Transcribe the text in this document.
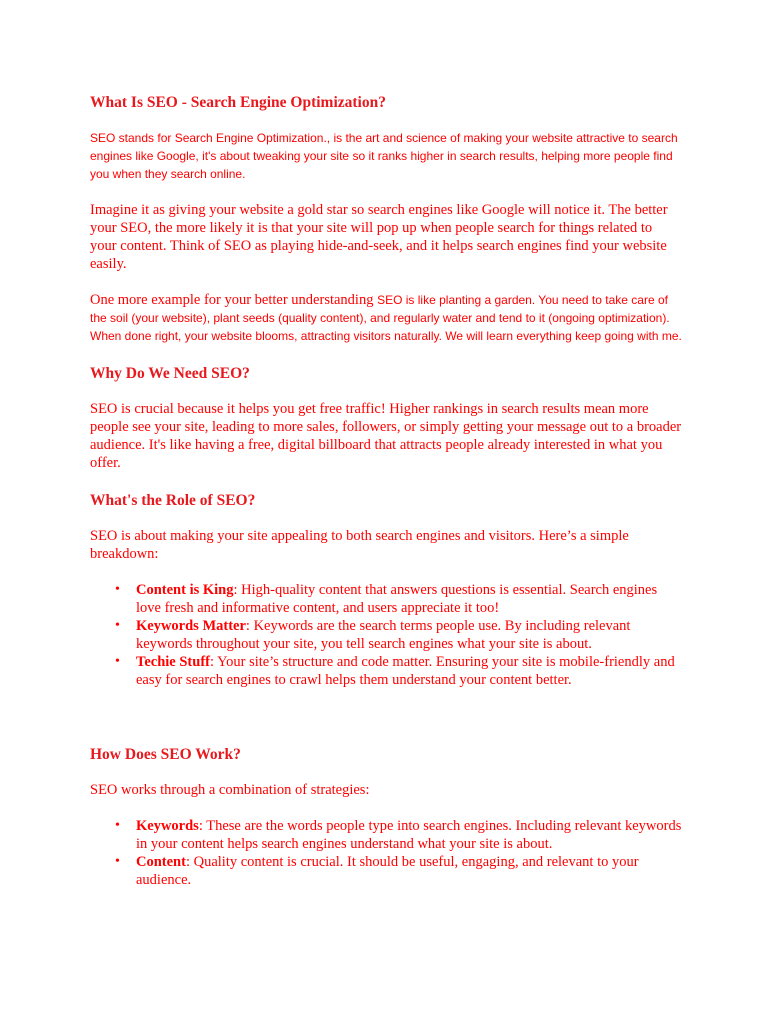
What Is SEO - Search Engine Optimization?

SEO stands for Search Engine Optimization., is the art and science of making your website attractive to search engines like Google, it's about tweaking your site so it ranks higher in search results, helping more people find you when they search online.

Imagine it as giving your website a gold star so search engines like Google will notice it. The better your SEO, the more likely it is that your site will pop up when people search for things related to your content. Think of SEO as playing hide-and-seek, and it helps search engines find your website easily.

One more example for your better understanding SEO is like planting a garden. You need to take care of the soil (your website), plant seeds (quality content), and regularly water and tend to it (ongoing optimization). When done right, your website blooms, attracting visitors naturally. We will learn everything keep going with me.

Why Do We Need SEO?

SEO is crucial because it helps you get free traffic! Higher rankings in search results mean more people see your site, leading to more sales, followers, or simply getting your message out to a broader audience. It's like having a free, digital billboard that attracts people already interested in what you offer.

What's the Role of SEO?

SEO is about making your site appealing to both search engines and visitors. Here’s a simple breakdown:

• Content is King: High-quality content that answers questions is essential. Search engines love fresh and informative content, and users appreciate it too!
• Keywords Matter: Keywords are the search terms people use. By including relevant keywords throughout your site, you tell search engines what your site is about.
• Techie Stuff: Your site’s structure and code matter. Ensuring your site is mobile-friendly and easy for search engines to crawl helps them understand your content better.
How Does SEO Work?

SEO works through a combination of strategies:

• Keywords: These are the words people type into search engines. Including relevant keywords in your content helps search engines understand what your site is about.
• Content: Quality content is crucial. It should be useful, engaging, and relevant to your audience.
